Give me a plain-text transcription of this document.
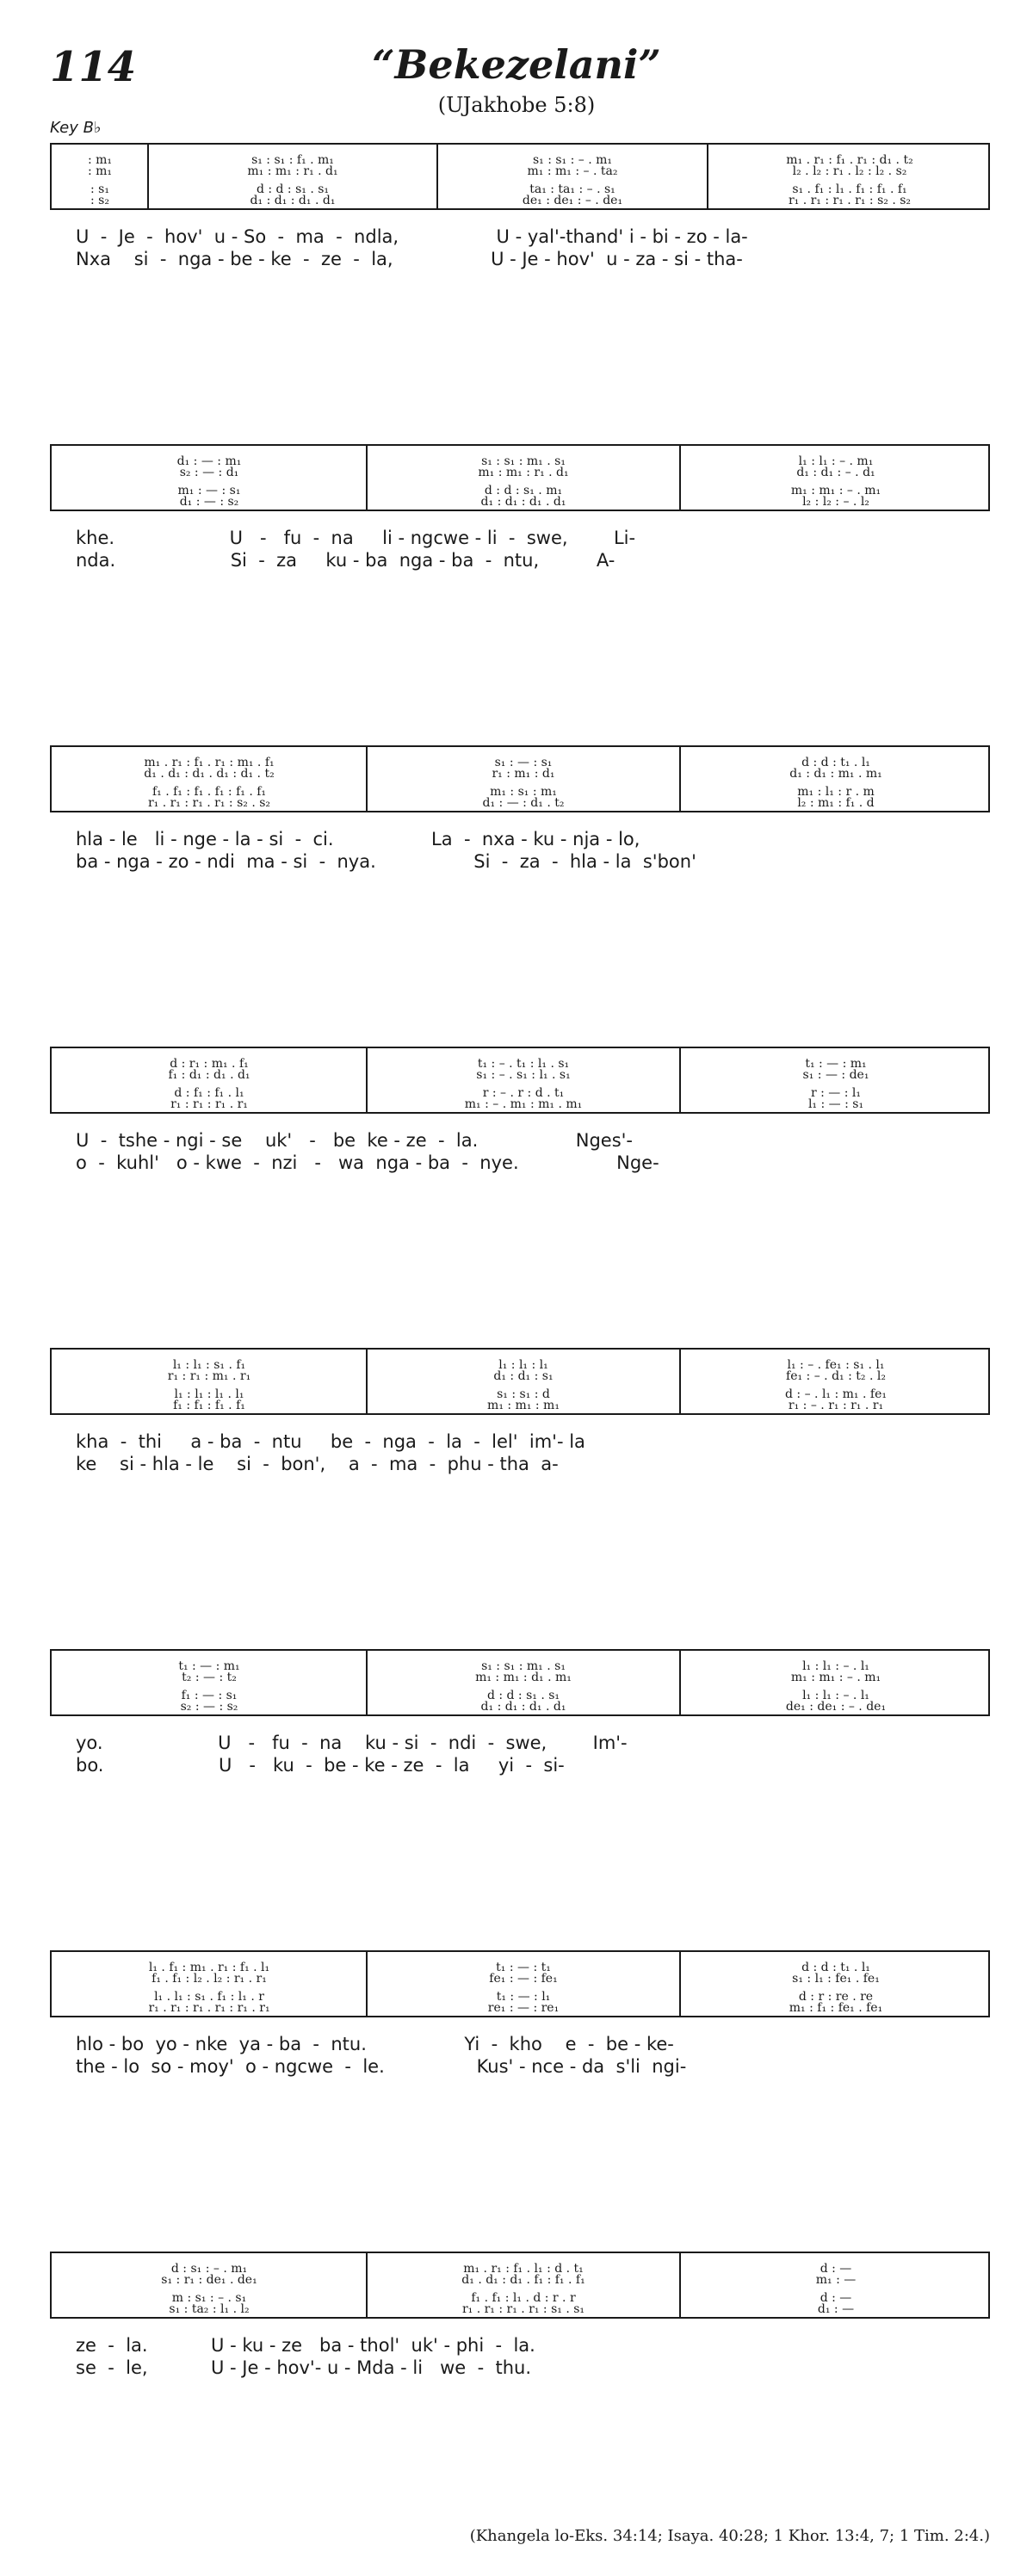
114	“Bekezelani”
(UJakhobe 5:8)
Key B♭
: m₁
: m₁
: s₁
: s₂
s₁ : s₁ : f₁ . m₁
m₁ : m₁ : r₁ . d₁
d : d : s₁ . s₁
d₁ : d₁ : d₁ . d₁
s₁ : s₁ : – . m₁
m₁ : m₁ : – . ta₂
ta₁ : ta₁ : – . s₁
de₁ : de₁ : – . de₁
m₁ . r₁ : f₁ . r₁ : d₁ . t₂
l₂ . l₂ : r₁ . l₂ : l₂ . s₂
s₁ . f₁ : l₁ . f₁ : f₁ . f₁
r₁ . r₁ : r₁ . r₁ : s₂ . s₂
U  -  Je  -  hov'  u - So  -  ma  -  ndla,                 U - yal'-thand' i - bi - zo - la-
Nxa    si  -  nga - be - ke  -  ze  -  la,                 U - Je - hov'  u - za - si - tha-
d₁ : — : m₁
s₂ : — : d₁
m₁ : — : s₁
d₁ : — : s₂
s₁ : s₁ : m₁ . s₁
m₁ : m₁ : r₁ . d₁
d : d : s₁ . m₁
d₁ : d₁ : d₁ . d₁
l₁ : l₁ : – . m₁
d₁ : d₁ : – . d₁
m₁ : m₁ : – . m₁
l₂ : l₂ : – . l₂
khe.                    U   -   fu  -  na     li - ngcwe - li  -  swe,        Li-
nda.                    Si  -  za     ku - ba  nga - ba  -  ntu,          A-
m₁ . r₁ : f₁ . r₁ : m₁ . f₁
d₁ . d₁ : d₁ . d₁ : d₁ . t₂
f₁ . f₁ : f₁ . f₁ : f₁ . f₁
r₁ . r₁ : r₁ . r₁ : s₂ . s₂
s₁ : — : s₁
r₁ : m₁ : d₁
m₁ : s₁ : m₁
d₁ : — : d₁ . t₂
d : d : t₁ . l₁
d₁ : d₁ : m₁ . m₁
m₁ : l₁ : r . m
l₂ : m₁ : f₁ . d
hla - le   li - nge - la - si  -  ci.                 La  -  nxa - ku - nja - lo,
ba - nga - zo - ndi  ma - si  -  nya.                 Si  -  za  -  hla - la  s'bon'
d : r₁ : m₁ . f₁
f₁ : d₁ : d₁ . d₁
d : f₁ : f₁ . l₁
r₁ : r₁ : r₁ . r₁
t₁ : – . t₁ : l₁ . s₁
s₁ : – . s₁ : l₁ . s₁
r : – . r : d . t₁
m₁ : – . m₁ : m₁ . m₁
t₁ : — : m₁
s₁ : — : de₁
r : — : l₁
l₁ : — : s₁
U  -  tshe - ngi - se    uk'   -   be  ke - ze  -  la.                 Nges'-
o  -  kuhl'   o - kwe  -  nzi   -   wa  nga - ba  -  nye.                 Nge-
l₁ : l₁ : s₁ . f₁
r₁ : r₁ : m₁ . r₁
l₁ : l₁ : l₁ . l₁
f₁ : f₁ : f₁ . f₁
l₁ : l₁ : l₁
d₁ : d₁ : s₁
s₁ : s₁ : d
m₁ : m₁ : m₁
l₁ : – . fe₁ : s₁ . l₁
fe₁ : – . d₁ : t₂ . l₂
d : – . l₁ : m₁ . fe₁
r₁ : – . r₁ : r₁ . r₁
kha  -  thi     a - ba  -  ntu     be  -  nga  -  la  -  lel'  im'- la
ke    si - hla - le    si  -  bon',    a  -  ma  -  phu - tha  a-
t₁ : — : m₁
t₂ : — : t₂
f₁ : — : s₁
s₂ : — : s₂
s₁ : s₁ : m₁ . s₁
m₁ : m₁ : d₁ . m₁
d : d : s₁ . s₁
d₁ : d₁ : d₁ . d₁
l₁ : l₁ : – . l₁
m₁ : m₁ : – . m₁
l₁ : l₁ : – . l₁
de₁ : de₁ : – . de₁
yo.                    U   -   fu  -  na    ku - si  -  ndi  -  swe,        Im'-
bo.                    U   -   ku  -  be - ke - ze  -  la     yi  -  si-
l₁ . f₁ : m₁ . r₁ : f₁ . l₁
f₁ . f₁ : l₂ . l₂ : r₁ . r₁
l₁ . l₁ : s₁ . f₁ : l₁ . r
r₁ . r₁ : r₁ . r₁ : r₁ . r₁
t₁ : — : t₁
fe₁ : — : fe₁
t₁ : — : l₁
re₁ : — : re₁
d : d : t₁ . l₁
s₁ : l₁ : fe₁ . fe₁
d : r : re . re
m₁ : f₁ : fe₁ . fe₁
hlo - bo  yo - nke  ya - ba  -  ntu.                 Yi  -  kho    e  -  be - ke-
the - lo  so - moy'  o - ngcwe  -  le.                Kus' - nce - da  s'li  ngi-
d : s₁ : – . m₁
s₁ : r₁ : de₁ . de₁
m : s₁ : – . s₁
s₁ : ta₂ : l₁ . l₂
m₁ . r₁ : f₁ . l₁ : d . t₁
d₁ . d₁ : d₁ . f₁ : f₁ . f₁
f₁ . f₁ : l₁ . d : r . r
r₁ . r₁ : r₁ . r₁ : s₁ . s₁
d : —
m₁ : —
d : —
d₁ : —
ze  -  la.           U - ku - ze   ba - thol'  uk' - phi  -  la.
se  -  le,           U - Je - hov'- u - Mda - li   we  -  thu.
(Khangela lo-Eks. 34:14; Isaya. 40:28; 1 Khor. 13:4, 7; 1 Tim. 2:4.)
